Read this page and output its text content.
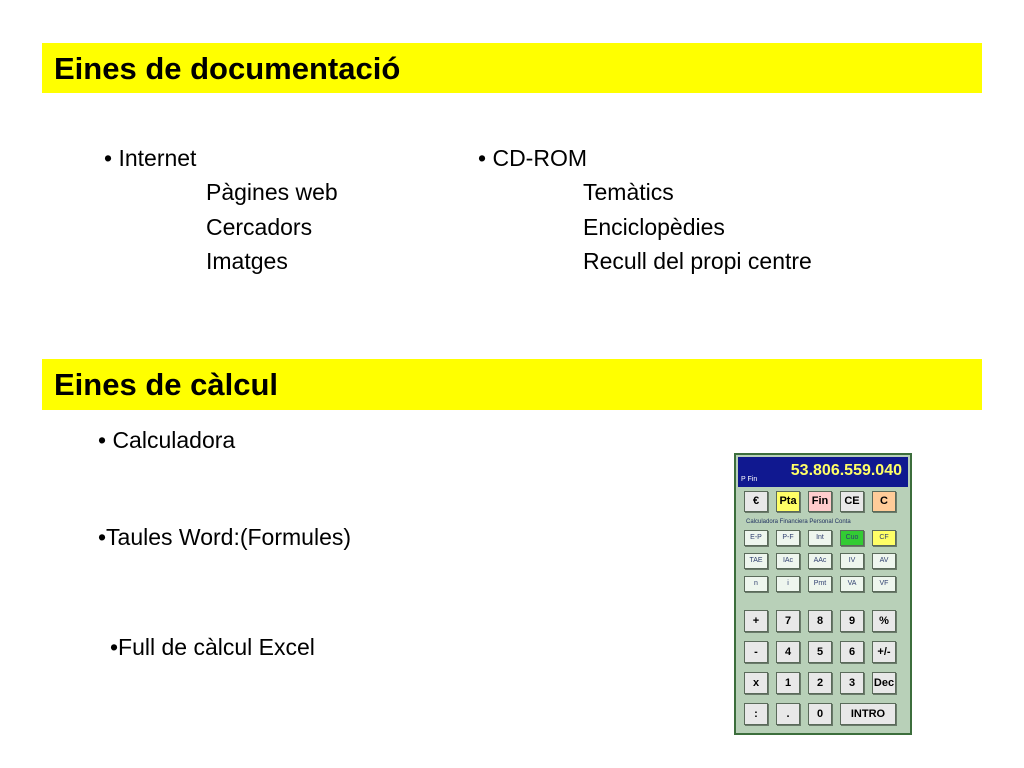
Eines de documentació
• Internet
Pàgines web
Cercadors
Imatges
• CD-ROM
Temàtics
Enciclopèdies
Recull del propi centre
Eines de càlcul
• Calculadora
•Taules Word:(Formules)
•Full de càlcul Excel
53.806.559.040
P Fin
Calculadora Financiera Personal Conta
€	Pta	Fin	CE	C
E-P	P-F	Int	Cuo	CF
TAE	IAc	AAc	IV	AV
n	i	Pmt	VA	VF
+	7	8	9	%
-	4	5	6	+/-
x	1	2	3	Dec
:	.	0	INTRO
